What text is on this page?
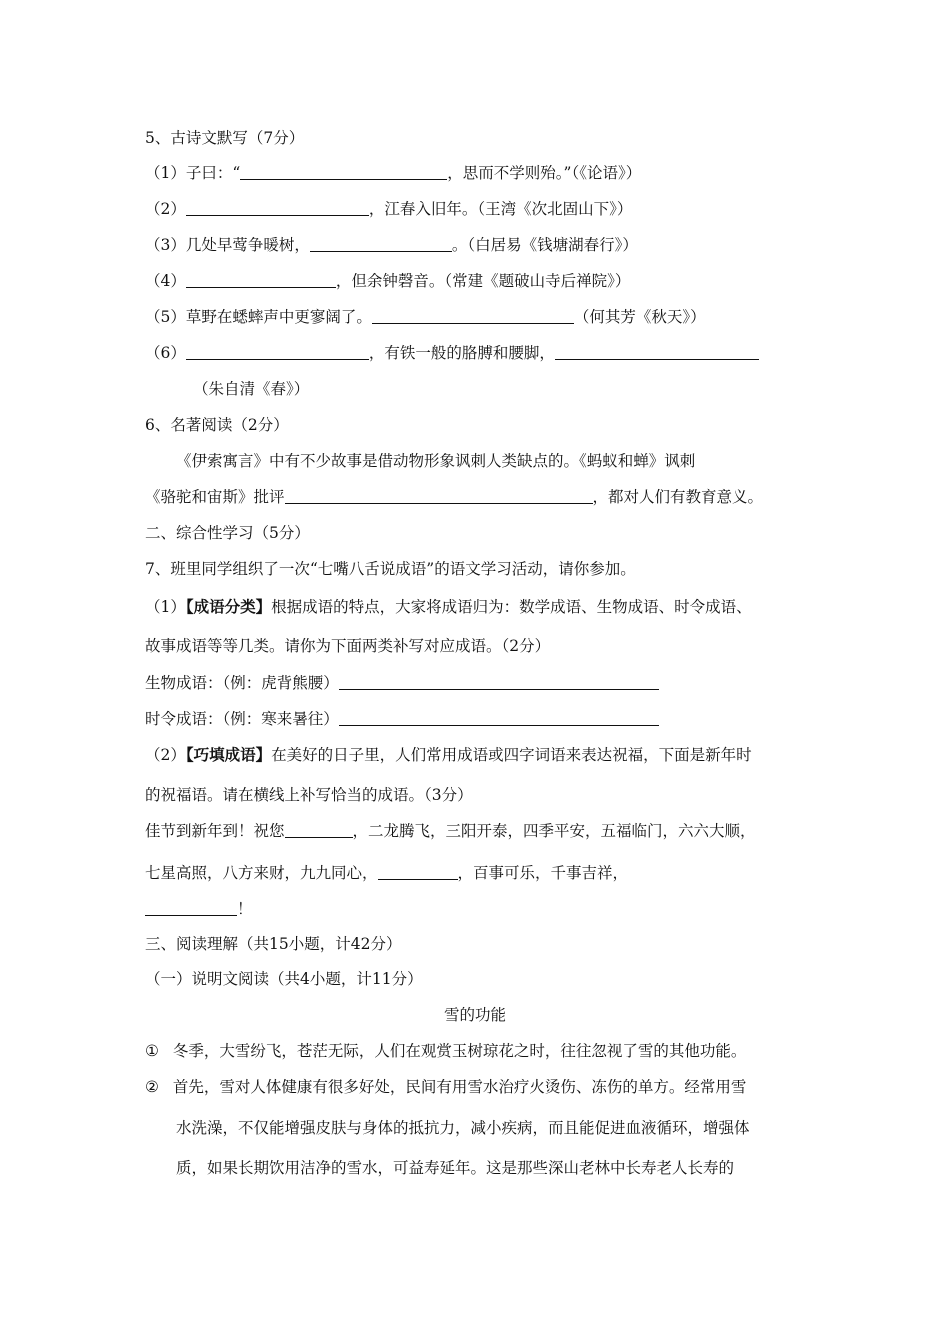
5、古诗文默写（7分）
（1）子曰：“	，思而不学则殆。”（《论语》）
（2）	，江春入旧年。（王湾《次北固山下》）
（3）几处早莺争暖树，	。（白居易《钱塘湖春行》）
（4）	，但余钟磬音。（常建《题破山寺后禅院》）
（5）草野在蟋蟀声中更寥阔了。	（何其芳《秋天》）
（6）	，有铁一般的胳膊和腰脚，
（朱自清《春》）
6、名著阅读（2分）
《伊索寓言》中有不少故事是借动物形象讽刺人类缺点的。《蚂蚁和蝉》讽刺
《骆驼和宙斯》批评	，都对人们有教育意义。
二、综合性学习（5分）
7、班里同学组织了一次“七嘴八舌说成语”的语文学习活动，请你参加。
（1）【成语分类】根据成语的特点，大家将成语归为：数学成语、生物成语、时令成语、
故事成语等等几类。请你为下面两类补写对应成语。（2分）
生物成语：（例：虎背熊腰）
时令成语：（例：寒来暑往）
（2）【巧填成语】在美好的日子里，人们常用成语或四字词语来表达祝福，下面是新年时
的祝福语。请在横线上补写恰当的成语。（3分）
佳节到新年到！祝您	，二龙腾飞，三阳开泰，四季平安，五福临门，六六大顺，
七星高照，八方来财，九九同心，	，百事可乐，千事吉祥，
！
三、阅读理解（共15小题，计42分）
（一）说明文阅读（共4小题，计11分）
雪的功能
① 冬季，大雪纷飞，苍茫无际，人们在观赏玉树琼花之时，往往忽视了雪的其他功能。
② 首先，雪对人体健康有很多好处，民间有用雪水治疗火烫伤、冻伤的单方。经常用雪
水洗澡，不仅能增强皮肤与身体的抵抗力，减小疾病，而且能促进血液循环，增强体
质，如果长期饮用洁净的雪水，可益寿延年。这是那些深山老林中长寿老人长寿的
